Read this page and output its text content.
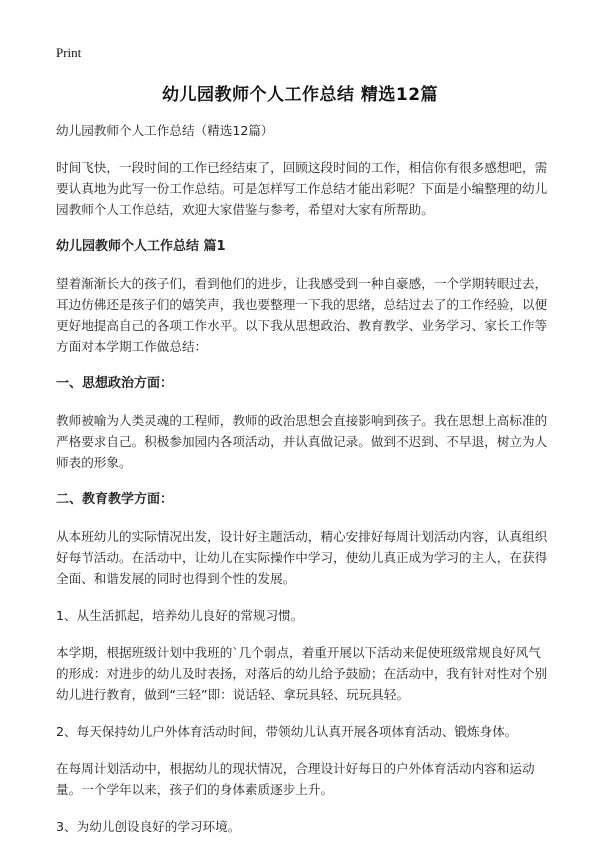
Print
幼儿园教师个人工作总结 精选12篇

幼儿园教师个人工作总结（精选12篇）

时间飞快，一段时间的工作已经结束了，回顾这段时间的工作，相信你有很多感想吧，需要认真地为此写一份工作总结。可是怎样写工作总结才能出彩呢？下面是小编整理的幼儿园教师个人工作总结，欢迎大家借鉴与参考，希望对大家有所帮助。

幼儿园教师个人工作总结 篇1

望着渐渐长大的孩子们，看到他们的进步，让我感受到一种自豪感，一个学期转眼过去，耳边仿佛还是孩子们的嬉笑声，我也要整理一下我的思绪，总结过去了的工作经验，以便更好地提高自己的各项工作水平。以下我从思想政治、教育教学、业务学习、家长工作等方面对本学期工作做总结：

一、思想政治方面：

教师被喻为人类灵魂的工程师，教师的政治思想会直接影响到孩子。我在思想上高标准的严格要求自己。积极参加园内各项活动，并认真做记录。做到不迟到、不早退，树立为人师表的形象。

二、教育教学方面：

从本班幼儿的实际情况出发，设计好主题活动，精心安排好每周计划活动内容，认真组织好每节活动。在活动中，让幼儿在实际操作中学习，使幼儿真正成为学习的主人，在获得全面、和谐发展的同时也得到个性的发展。

1、从生活抓起，培养幼儿良好的常规习惯。

本学期，根据班级计划中我班的`几个弱点，着重开展以下活动来促使班级常规良好风气的形成：对进步的幼儿及时表扬，对落后的幼儿给予鼓励；在活动中，我有针对性对个别幼儿进行教育，做到“三轻”即：说话轻、拿玩具轻、玩玩具轻。

2、每天保持幼儿户外体育活动时间，带领幼儿认真开展各项体育活动、锻炼身体。

在每周计划活动中，根据幼儿的现状情况，合理设计好每日的户外体育活动内容和运动量。一个学年以来，孩子们的身体素质逐步上升。

3、为幼儿创设良好的学习环境。
